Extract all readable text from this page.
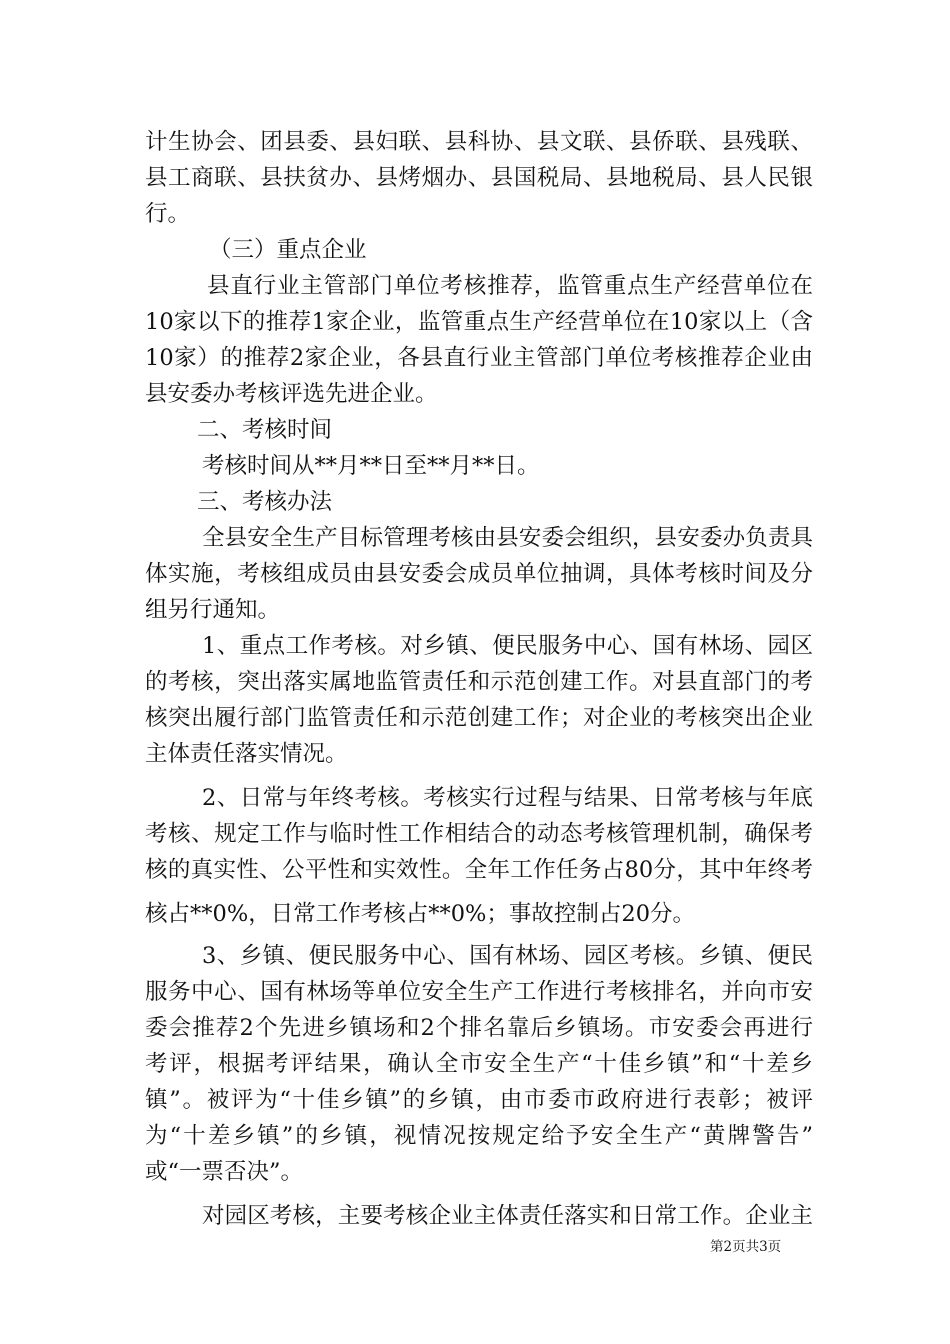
计生协会、团县委、县妇联、县科协、县文联、县侨联、县残联、
县工商联、县扶贫办、县烤烟办、县国税局、县地税局、县人民银
行。
（三）重点企业
县直行业主管部门单位考核推荐，监管重点生产经营单位在
10家以下的推荐1家企业，监管重点生产经营单位在10家以上（含
10家）的推荐2家企业，各县直行业主管部门单位考核推荐企业由
县安委办考核评选先进企业。
二、考核时间
考核时间从**月**日至**月**日。
三、考核办法
全县安全生产目标管理考核由县安委会组织，县安委办负责具
体实施，考核组成员由县安委会成员单位抽调，具体考核时间及分
组另行通知。
1、重点工作考核。对乡镇、便民服务中心、国有林场、园区
的考核，突出落实属地监管责任和示范创建工作。对县直部门的考
核突出履行部门监管责任和示范创建工作；对企业的考核突出企业
主体责任落实情况。
2、日常与年终考核。考核实行过程与结果、日常考核与年底
考核、规定工作与临时性工作相结合的动态考核管理机制，确保考
核的真实性、公平性和实效性。全年工作任务占80分，其中年终考
核占**0%，日常工作考核占**0%；事故控制占20分。
3、乡镇、便民服务中心、国有林场、园区考核。乡镇、便民
服务中心、国有林场等单位安全生产工作进行考核排名，并向市安
委会推荐2个先进乡镇场和2个排名靠后乡镇场。市安委会再进行
考评，根据考评结果，确认全市安全生产“十佳乡镇”和“十差乡
镇”。被评为“十佳乡镇”的乡镇，由市委市政府进行表彰；被评
为“十差乡镇”的乡镇，视情况按规定给予安全生产“黄牌警告”
或“一票否决”。
对园区考核，主要考核企业主体责任落实和日常工作。企业主
第2页共3页
